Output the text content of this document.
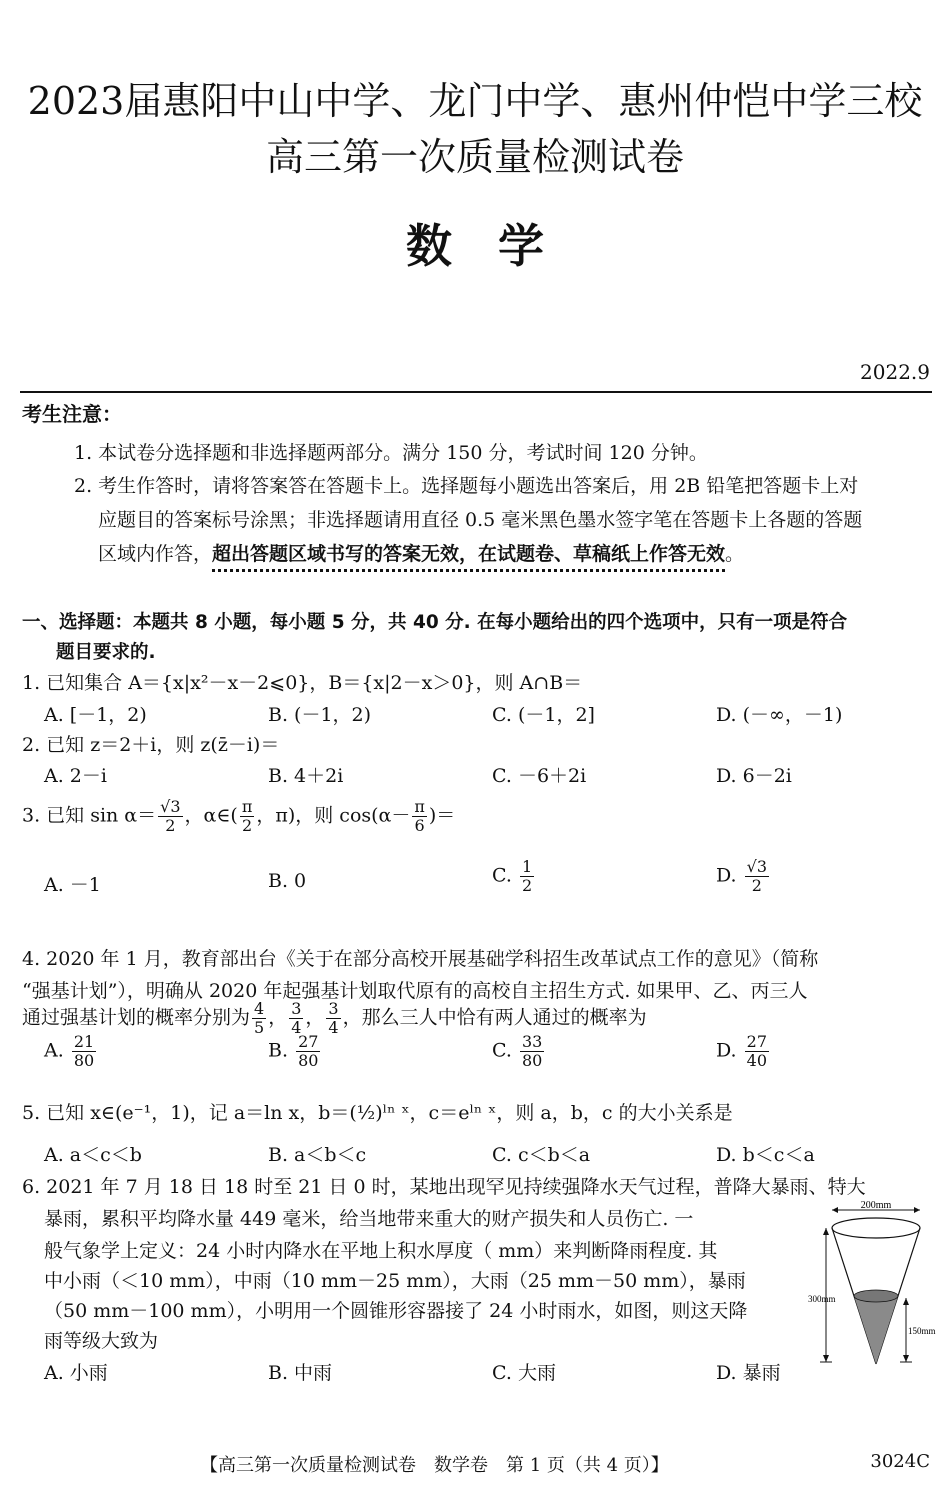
2023届惠阳中山中学、龙门中学、惠州仲恺中学三校
高三第一次质量检测试卷
数　学
2022.9
考生注意：
1. 本试卷分选择题和非选择题两部分。满分 150 分，考试时间 120 分钟。
2. 考生作答时，请将答案答在答题卡上。选择题每小题选出答案后，用 2B 铅笔把答题卡上对
应题目的答案标号涂黑；非选择题请用直径 0.5 毫米黑色墨水签字笔在答题卡上各题的答题
区域内作答，超出答题区域书写的答案无效，在试题卷、草稿纸上作答无效。
一、选择题：本题共 8 小题，每小题 5 分，共 40 分. 在每小题给出的四个选项中，只有一项是符合
题目要求的.
1. 已知集合 A＝{x|x²－x－2⩽0}，B＝{x|2－x＞0}，则 A∩B＝
A. [－1，2)	B. (－1，2)	C. (－1，2]	D. (－∞，－1)
2. 已知 z＝2＋i，则 z(z̄－i)＝
A. 2－i	B. 4＋2i	C. －6＋2i	D. 6－2i
3. 已知 $\sin \alpha= \frac{√3}{2}$ ，α∈( $\frac{\pi}{2}$ ，π)，则 $\cos(\alpha- \frac{\pi}{6}$ )＝
A. －1	B. 0	C. $\frac{1}{2}$	D. $\frac{√3}{2}$
4. 2020 年 1 月，教育部出台《关于在部分高校开展基础学科招生改革试点工作的意见》（简称
“强基计划”），明确从 2020 年起强基计划取代原有的高校自主招生方式. 如果甲、乙、丙三人
通过强基计划的概率分别为 $\frac{4}{5}$ ， $\frac{3}{4}$ ， $\frac{3}{4}$ ，那么三人中恰有两人通过的概率为
A. $\frac{21}{80}$	B. $\frac{27}{80}$	C. $\frac{33}{80}$	D. $\frac{27}{40}$
5. 已知 x∈(e⁻¹，1)，记 a＝ln x，b＝(½)ˡⁿ ˣ，c＝eˡⁿ ˣ，则 a，b，c 的大小关系是
A. a＜c＜b	B. a＜b＜c	C. c＜b＜a	D. b＜c＜a
6. 2021 年 7 月 18 日 18 时至 21 日 0 时，某地出现罕见持续强降水天气过程，普降大暴雨、特大
暴雨，累积平均降水量 449 毫米，给当地带来重大的财产损失和人员伤亡. 一
般气象学上定义：24 小时内降水在平地上积水厚度（ mm）来判断降雨程度. 其
中小雨（＜10 mm），中雨（10 mm－25 mm），大雨（25 mm－50 mm），暴雨
（50 mm－100 mm），小明用一个圆锥形容器接了 24 小时雨水，如图，则这天降
雨等级大致为
A. 小雨	B. 中雨	C. 大雨	D. 暴雨
200mm
300mm
150mm
【高三第一次质量检测试卷　数学卷　第 1 页（共 4 页）】	3024C
